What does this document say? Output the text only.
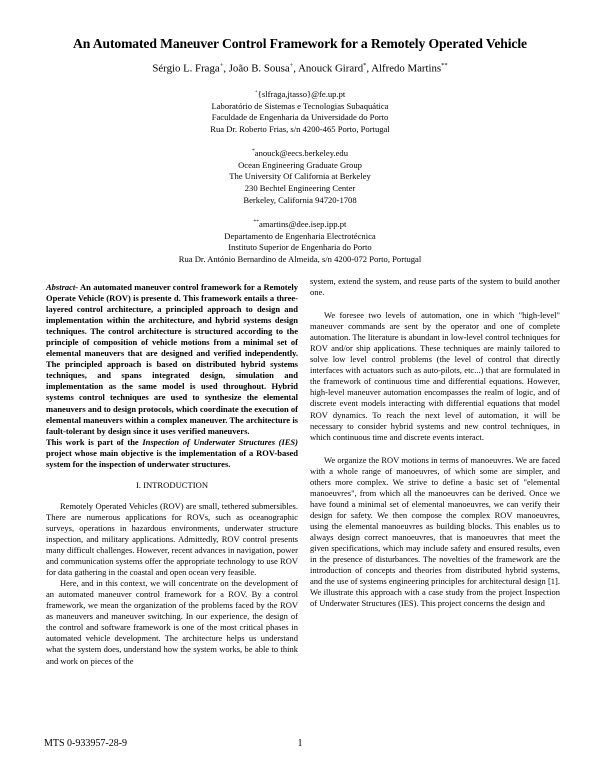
An Automated Maneuver Control Framework for a Remotely Operated Vehicle
Sérgio L. Fraga+, João B. Sousa+, Anouck Girard*, Alfredo Martins**
+{slfraga,jtasso}@fe.up.pt
Laboratório de Sistemas e Tecnologias Subaquática
Faculdade de Engenharia da Universidade do Porto
Rua Dr. Roberto Frias, s/n 4200-465 Porto, Portugal
*anouck@eecs.berkeley.edu
Ocean Engineering Graduate Group
The University Of California at Berkeley
230 Bechtel Engineering Center
Berkeley, California 94720-1708
**amartins@dee.isep.ipp.pt
Departamento de Engenharia Electrotécnica
Instituto Superior de Engenharia do Porto
Rua Dr. António Bernardino de Almeida, s/n 4200-072 Porto, Portugal

Abstract- An automated maneuver control framework for a Remotely Operate Vehicle (ROV) is presente d. This framework entails a three-layered control architecture, a principled approach to design and implementation within the architecture, and hybrid systems design techniques. The control architecture is structured according to the principle of composition of vehicle motions from a minimal set of elemental maneuvers that are designed and verified independently. The principled approach is based on distributed hybrid systems techniques, and spans integrated design, simulation and implementation as the same model is used throughout. Hybrid systems control techniques are used to synthesize the elemental maneuvers and to design protocols, which coordinate the execution of elemental maneuvers within a complex maneuver. The architecture is fault-tolerant by design since it uses verified maneuvers.

This work is part of the Inspection of Underwater Structures (IES) project whose main objective is the implementation of a ROV-based system for the inspection of underwater structures.

I. INTRODUCTION

Remotely Operated Vehicles (ROV) are small, tethered submersibles. There are numerous applications for ROVs, such as oceanographic surveys, operations in hazardous environments, underwater structure inspection, and military applications. Admittedly, ROV control presents many difficult challenges. However, recent advances in navigation, power and communication systems offer the appropriate technology to use ROV for data gathering in the coastal and open ocean very feasible.

Here, and in this context, we will concentrate on the development of an automated maneuver control framework for a ROV. By a control framework, we mean the organization of the problems faced by the ROV as maneuvers and maneuver switching. In our experience, the design of the control and software framework is one of the most critical phases in automated vehicle development. The architecture helps us understand what the system does, understand how the system works, be able to think and work on pieces of the

system, extend the system, and reuse parts of the system to build another one.

We foresee two levels of automation, one in which "high-level" maneuver commands are sent by the operator and one of complete automation. The literature is abundant in low-level control techniques for ROV and/or ship applications. These techniques are mainly tailored to solve low level control problems (the level of control that directly interfaces with actuators such as auto-pilots, etc...) that are formulated in the framework of continuous time and differential equations. However, high-level maneuver automation encompasses the realm of logic, and of discrete event models interacting with differential equations that model ROV dynamics. To reach the next level of automation, it will be necessary to consider hybrid systems and new control techniques, in which continuous time and discrete events interact.

We organize the ROV motions in terms of manoeuvres. We are faced with a whole range of manoeuvres, of which some are simpler, and others more complex. We strive to define a basic set of "elemental manoeuvres", from which all the manoeuvres can be derived. Once we have found a minimal set of elemental manoeuvres, we can verify their design for safety. We then compose the complex ROV manoeuvres, using the elemental manoeuvres as building blocks. This enables us to always design correct manoeuvres, that is manoeuvres that meet the given specifications, which may include safety and ensured results, even in the presence of disturbances. The novelties of the framework are the introduction of concepts and theories from distributed hybrid systems, and the use of systems engineering principles for architectural design [1]. We illustrate this approach with a case study from the project Inspection of Underwater Structures (IES). This project concerns the design and

MTS 0-933957-28-9	1
